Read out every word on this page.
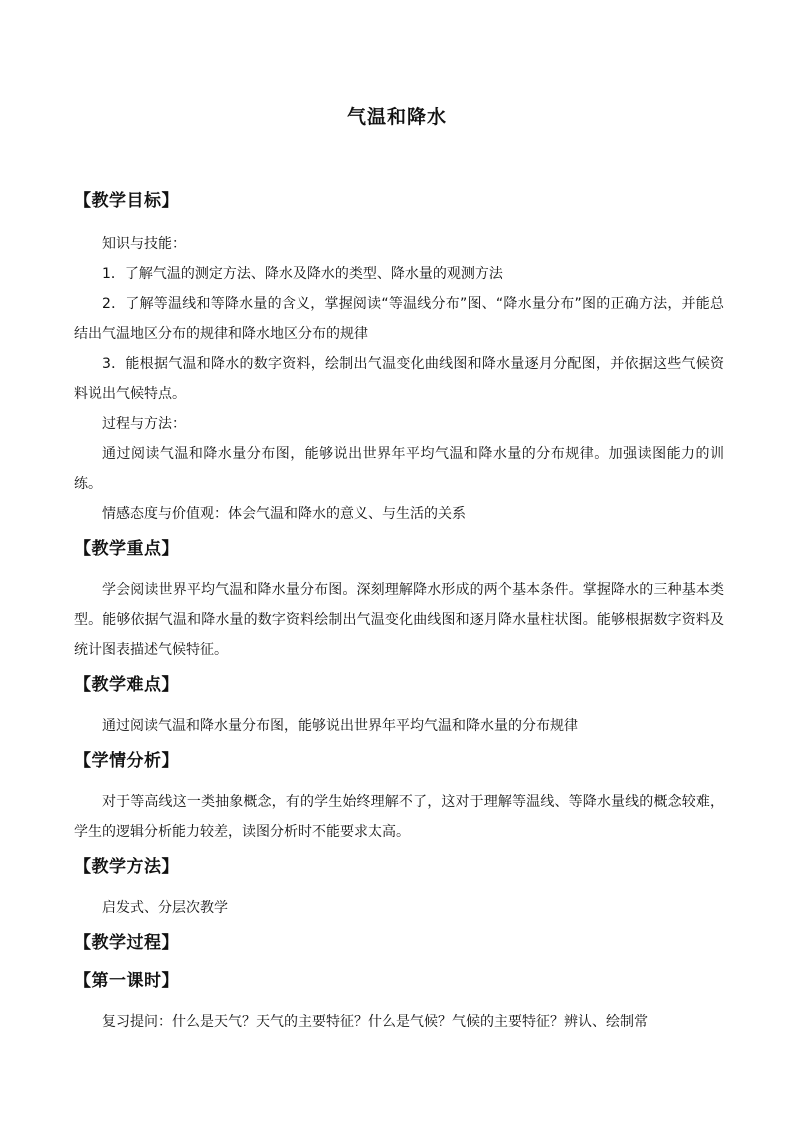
气温和降水
【教学目标】

知识与技能：

1．了解气温的测定方法、降水及降水的类型、降水量的观测方法

2．了解等温线和等降水量的含义，掌握阅读“等温线分布”图、“降水量分布”图的正确方法，并能总结出气温地区分布的规律和降水地区分布的规律

3．能根据气温和降水的数字资料，绘制出气温变化曲线图和降水量逐月分配图，并依据这些气候资料说出气候特点。

过程与方法：

通过阅读气温和降水量分布图，能够说出世界年平均气温和降水量的分布规律。加强读图能力的训练。

情感态度与价值观：体会气温和降水的意义、与生活的关系

【教学重点】

学会阅读世界平均气温和降水量分布图。深刻理解降水形成的两个基本条件。掌握降水的三种基本类型。能够依据气温和降水量的数字资料绘制出气温变化曲线图和逐月降水量柱状图。能够根据数字资料及统计图表描述气候特征。

【教学难点】

通过阅读气温和降水量分布图，能够说出世界年平均气温和降水量的分布规律

【学情分析】

对于等高线这一类抽象概念，有的学生始终理解不了，这对于理解等温线、等降水量线的概念较难，学生的逻辑分析能力较差，读图分析时不能要求太高。

【教学方法】

启发式、分层次教学

【教学过程】
【第一课时】

复习提问：什么是天气？天气的主要特征？什么是气候？气候的主要特征？辨认、绘制常
